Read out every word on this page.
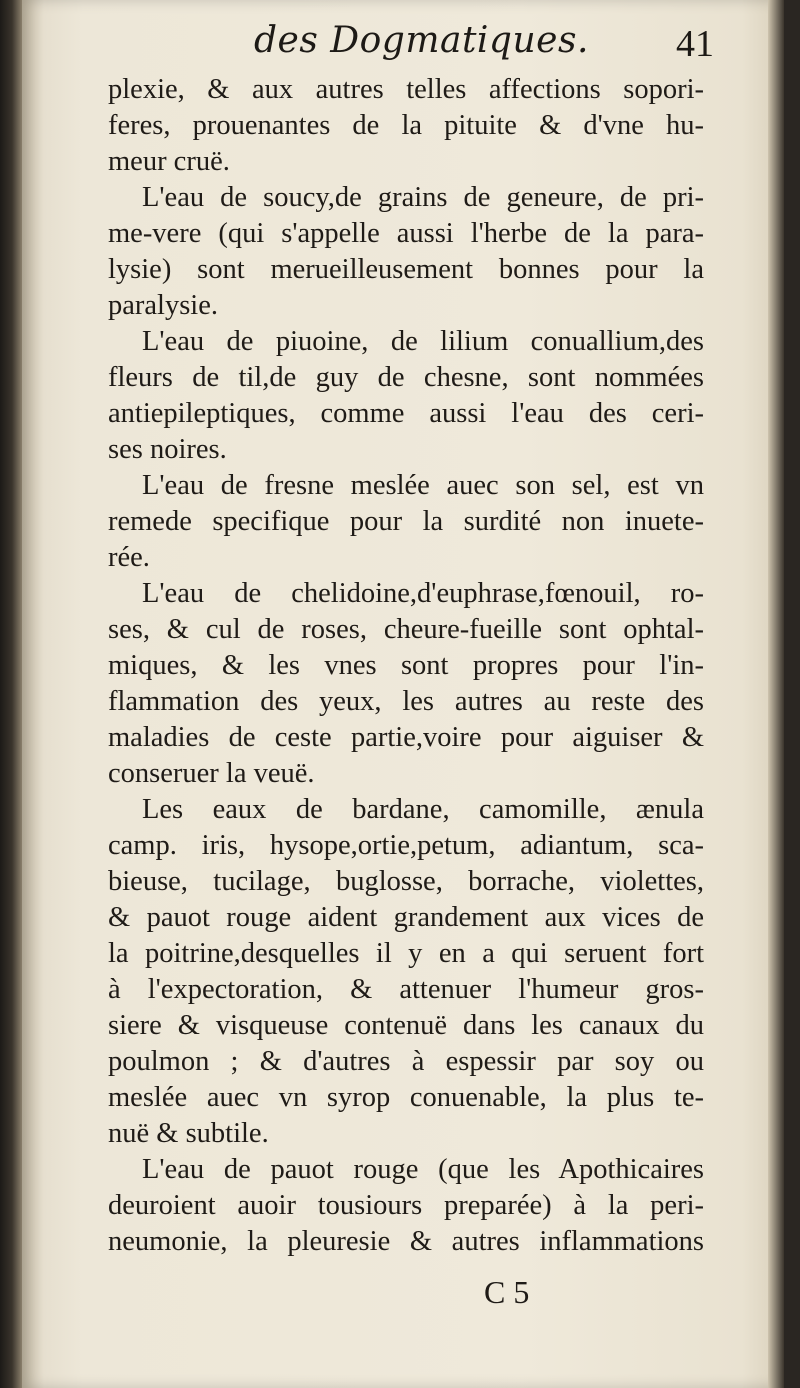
des Dogmatiques. 41
plexie, & aux autres telles affections sopori-
feres, prouenantes de la pituite & d'vne hu-
meur cruë.
L'eau de soucy,de grains de geneure, de pri-
me-vere (qui s'appelle aussi l'herbe de la para-
lysie) sont merueilleusement bonnes pour la
paralysie.
L'eau de piuoine, de lilium conuallium,des
fleurs de til,de guy de chesne, sont nommées
antiepileptiques, comme aussi l'eau des ceri-
ses noires.
L'eau de fresne meslée auec son sel, est vn
remede specifique pour la surdité non inuete-
rée.
L'eau de chelidoine,d'euphrase,fœnouil, ro-
ses, & cul de roses, cheure-fueille sont ophtal-
miques, & les vnes sont propres pour l'in-
flammation des yeux, les autres au reste des
maladies de ceste partie,voire pour aiguiser &
conseruer la veuë.
Les eaux de bardane, camomille, ænula
camp. iris, hysope,ortie,petum, adiantum, sca-
bieuse, tucilage, buglosse, borrache, violettes,
& pauot rouge aident grandement aux vices de
la poitrine,desquelles il y en a qui seruent fort
à l'expectoration, & attenuer l'humeur gros-
siere & visqueuse contenuë dans les canaux du
poulmon ; & d'autres à espessir par soy ou
meslée auec vn syrop conuenable, la plus te-
nuë & subtile.
L'eau de pauot rouge (que les Apothicaires
deuroient auoir tousiours preparée) à la peri-
neumonie, la pleuresie & autres inflammations
C 5
